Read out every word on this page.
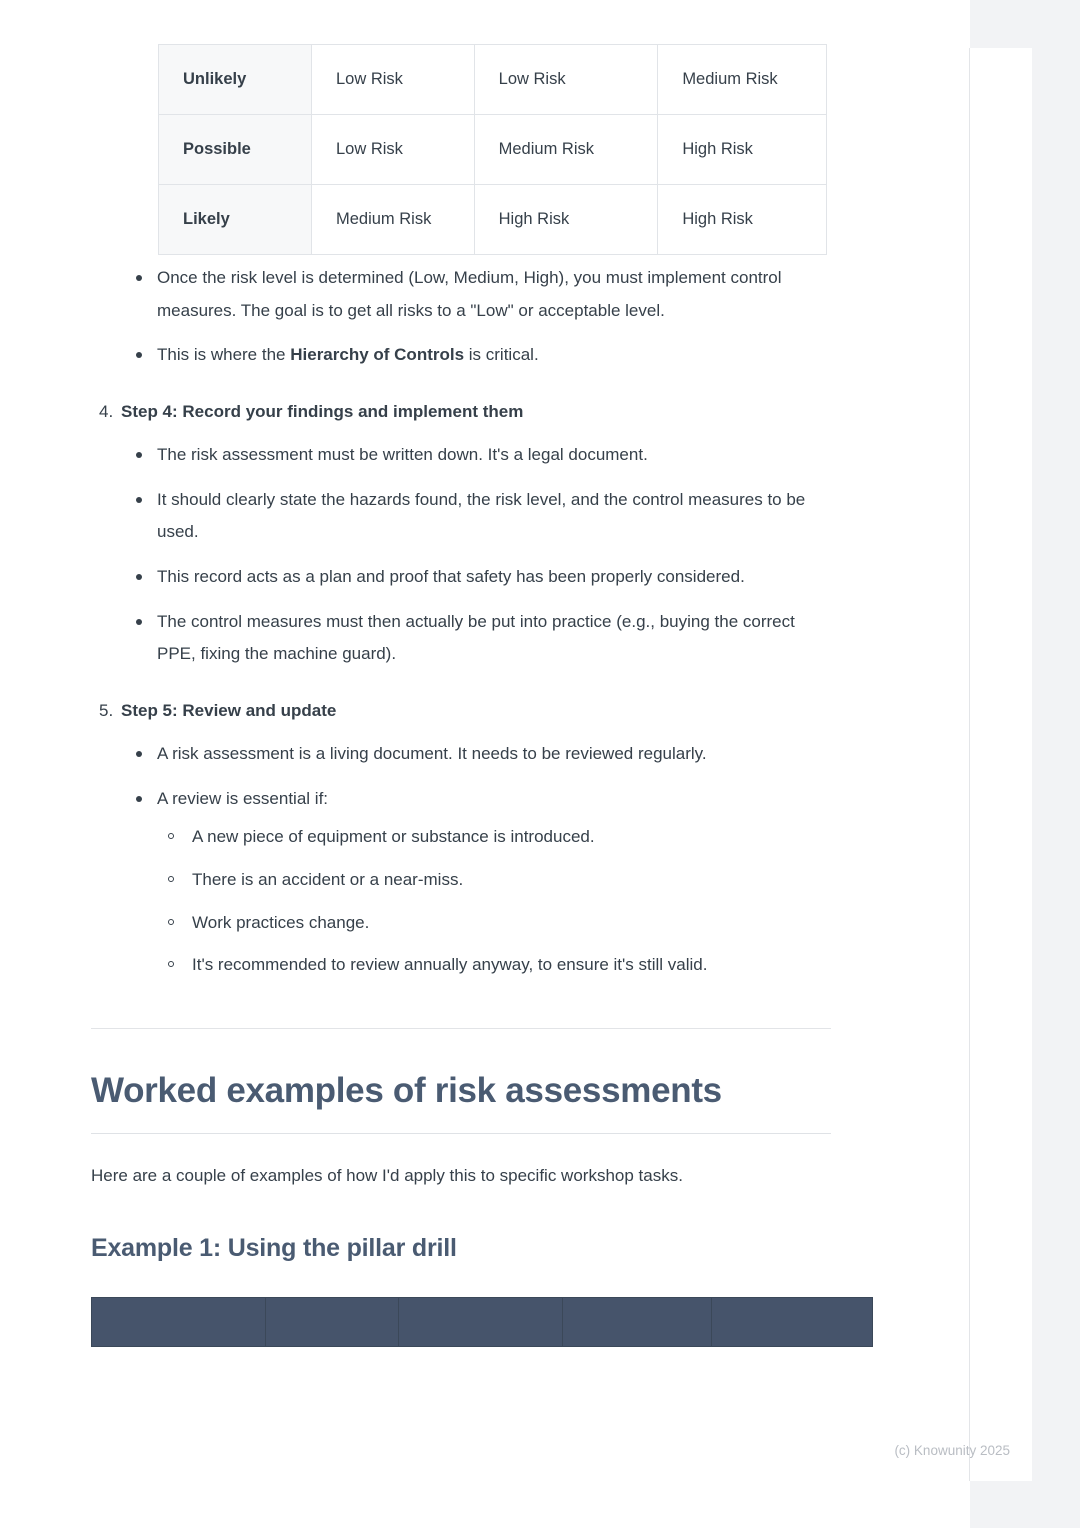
Unlikely	Low Risk	Low Risk	Medium Risk
Possible	Low Risk	Medium Risk	High Risk
Likely	Medium Risk	High Risk	High Risk
Once the risk level is determined (Low, Medium, High), you must implement control measures. The goal is to get all risks to a "Low" or acceptable level.
This is where the Hierarchy of Controls is critical.
4. Step 4: Record your findings and implement them
The risk assessment must be written down. It's a legal document.
It should clearly state the hazards found, the risk level, and the control measures to be used.
This record acts as a plan and proof that safety has been properly considered.
The control measures must then actually be put into practice (e.g., buying the correct PPE, fixing the machine guard).
5. Step 5: Review and update
A risk assessment is a living document. It needs to be reviewed regularly.
A review is essential if:
A new piece of equipment or substance is introduced.
There is an accident or a near-miss.
Work practices change.
It's recommended to review annually anyway, to ensure it's still valid.
Worked examples of risk assessments

Here are a couple of examples of how I'd apply this to specific workshop tasks.

Example 1: Using the pillar drill

(c) Knowunity 2025
